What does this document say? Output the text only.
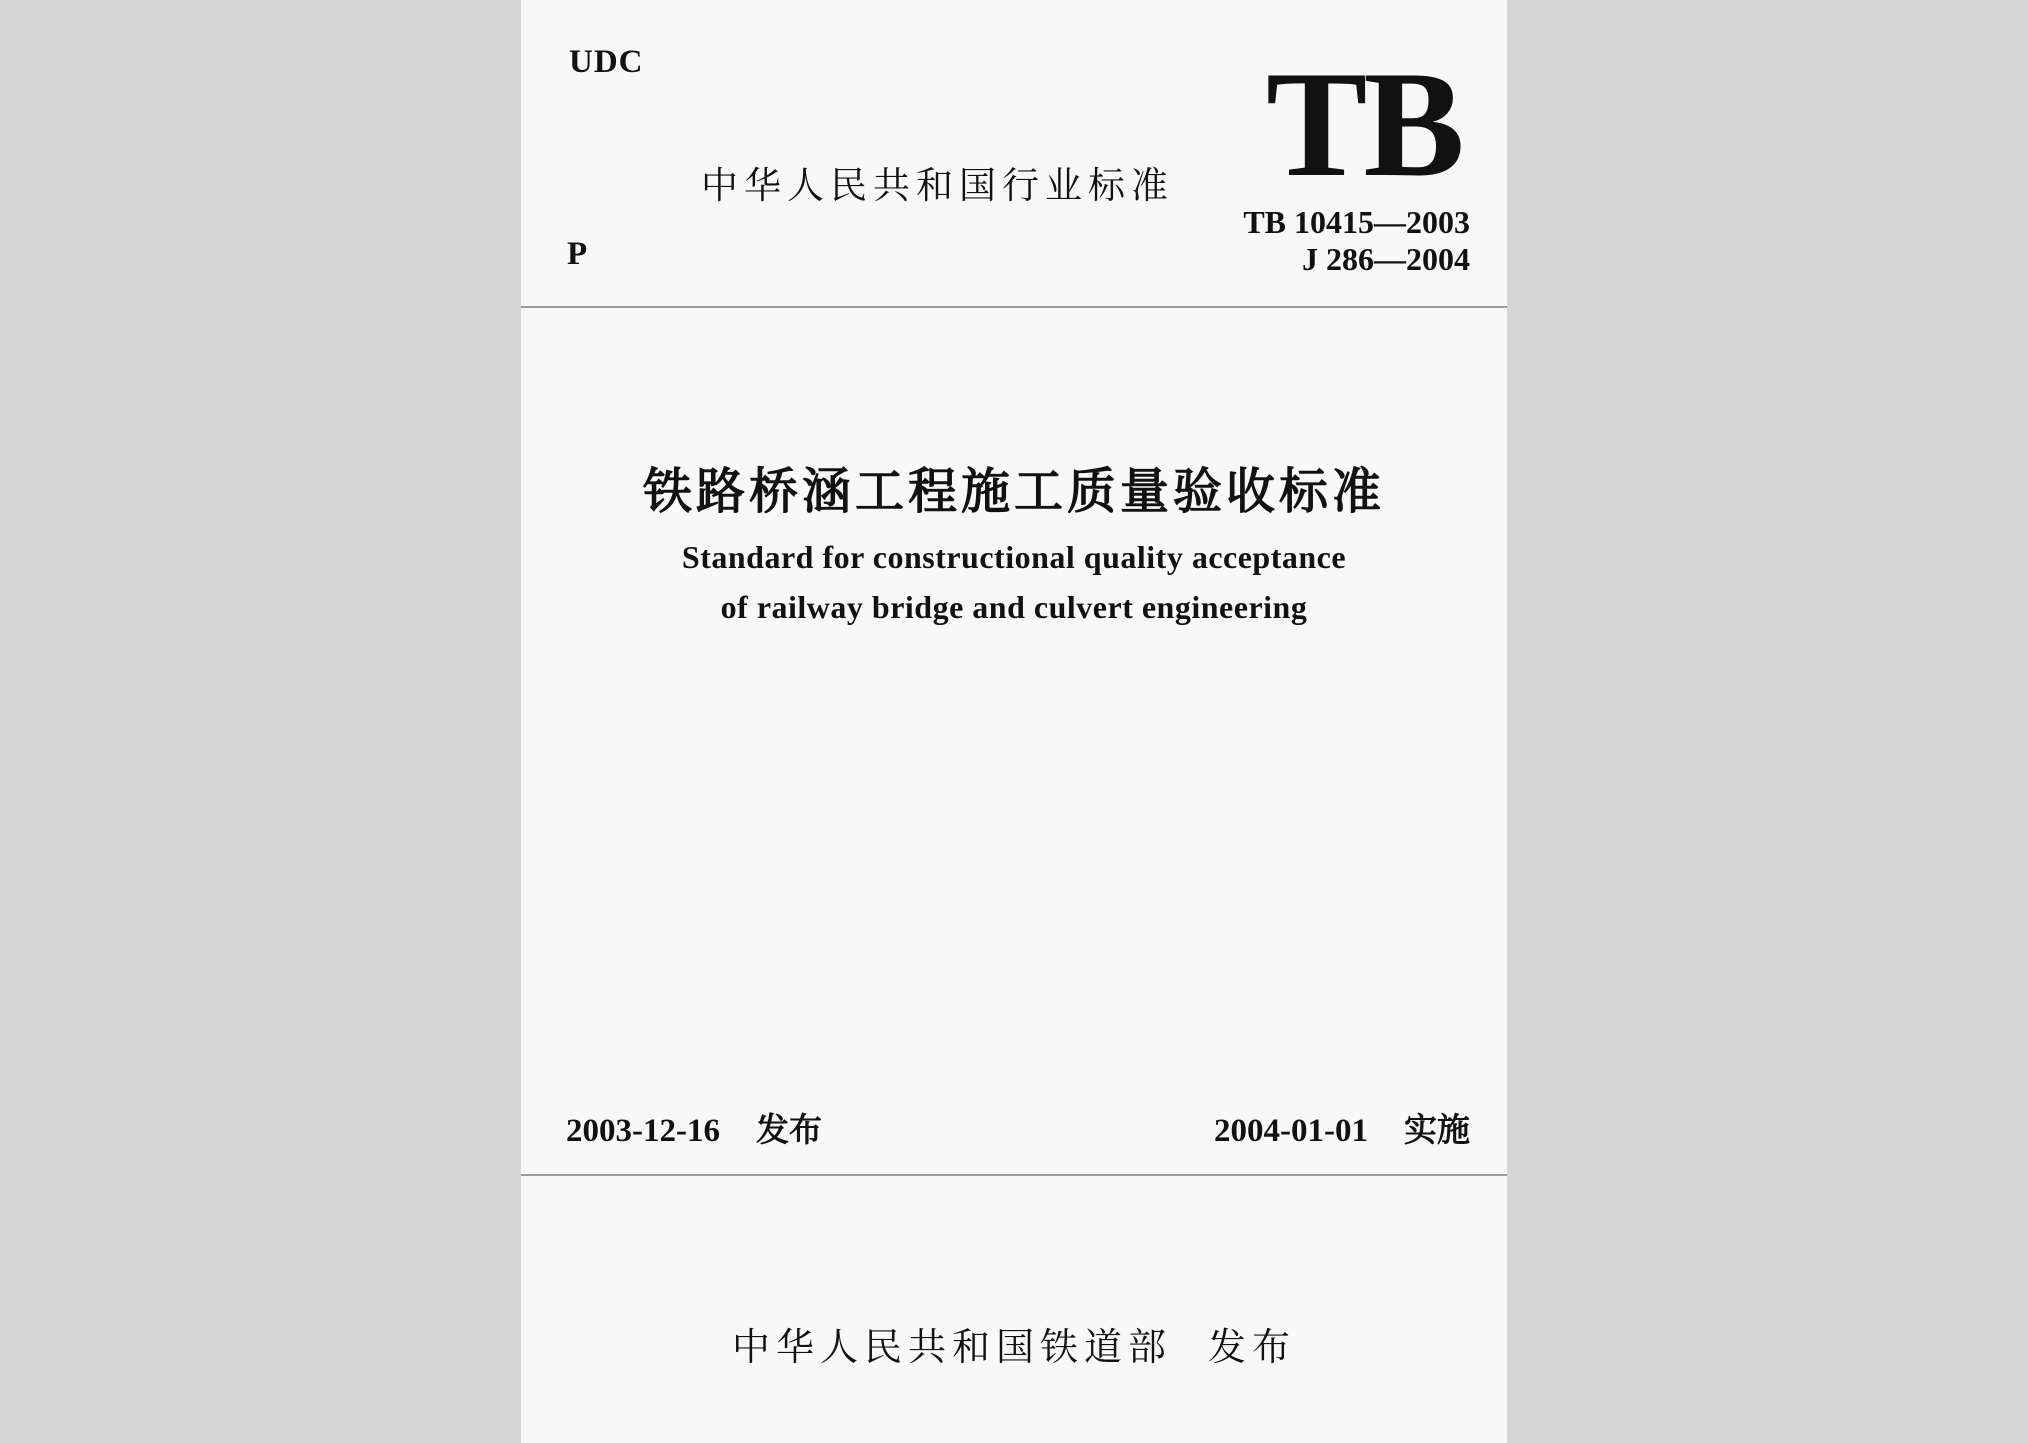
UDC
中华人民共和国行业标准 TB
P
TB 10415—2003
J 286—2004
铁路桥涵工程施工质量验收标准
Standard for constructional quality acceptance
of railway bridge and culvert engineering
2003-12-16 发布	2004-01-01 实施
中华人民共和国铁道部 发布
